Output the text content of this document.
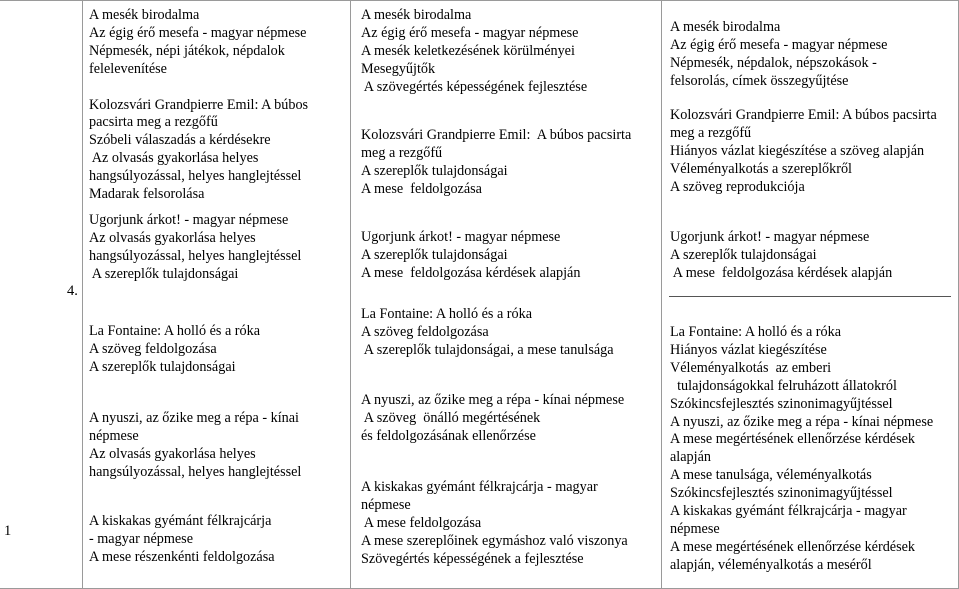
1
4.
A mesék birodalma
Az égig érő mesefa - magyar népmese
Népmesék, népi játékok, népdalok
felelevenítése
Kolozsvári Grandpierre Emil: A búbos
pacsirta meg a rezgőfű
Szóbeli válaszadás a kérdésekre
Az olvasás gyakorlása helyes
hangsúlyozással, helyes hanglejtéssel
Madarak felsorolása
Ugorjunk árkot! - magyar népmese
Az olvasás gyakorlása helyes
hangsúlyozással, helyes hanglejtéssel
A szereplők tulajdonságai
La Fontaine: A holló és a róka
A szöveg feldolgozása
A szereplők tulajdonságai
A nyuszi, az őzike meg a répa - kínai
népmese
Az olvasás gyakorlása helyes
hangsúlyozással, helyes hanglejtéssel
A kiskakas gyémánt félkrajcárja
- magyar népmese
A mese részenkénti feldolgozása
A mesék birodalma
Az égig érő mesefa - magyar népmese
A mesék keletkezésének körülményei
Mesegyűjtők
A szövegértés képességének fejlesztése
Kolozsvári Grandpierre Emil:  A búbos pacsirta
meg a rezgőfű
A szereplők tulajdonságai
A mese  feldolgozása
Ugorjunk árkot! - magyar népmese
A szereplők tulajdonságai
A mese  feldolgozása kérdések alapján
La Fontaine: A holló és a róka
A szöveg feldolgozása
A szereplők tulajdonságai, a mese tanulsága
A nyuszi, az őzike meg a répa - kínai népmese
A szöveg  önálló megértésének
és feldolgozásának ellenőrzése
A kiskakas gyémánt félkrajcárja - magyar
népmese
A mese feldolgozása
A mese szereplőinek egymáshoz való viszonya
Szövegértés képességének a fejlesztése
A mesék birodalma
Az égig érő mesefa - magyar népmese
Népmesék, népdalok, népszokások -
felsorolás, címek összegyűjtése
Kolozsvári Grandpierre Emil: A búbos pacsirta
meg a rezgőfű
Hiányos vázlat kiegészítése a szöveg alapján
Véleményalkotás a szereplőkről
A szöveg reprodukciója
Ugorjunk árkot! - magyar népmese
A szereplők tulajdonságai
A mese  feldolgozása kérdések alapján
La Fontaine: A holló és a róka
Hiányos vázlat kiegészítése
Véleményalkotás  az emberi
tulajdonságokkal felruházott állatokról
Szókincsfejlesztés szinonimagyűjtéssel
A nyuszi, az őzike meg a répa - kínai népmese
A mese megértésének ellenőrzése kérdések
alapján
A mese tanulsága, véleményalkotás
Szókincsfejlesztés szinonimagyűjtéssel
A kiskakas gyémánt félkrajcárja - magyar
népmese
A mese megértésének ellenőrzése kérdések
alapján, véleményalkotás a meséről
